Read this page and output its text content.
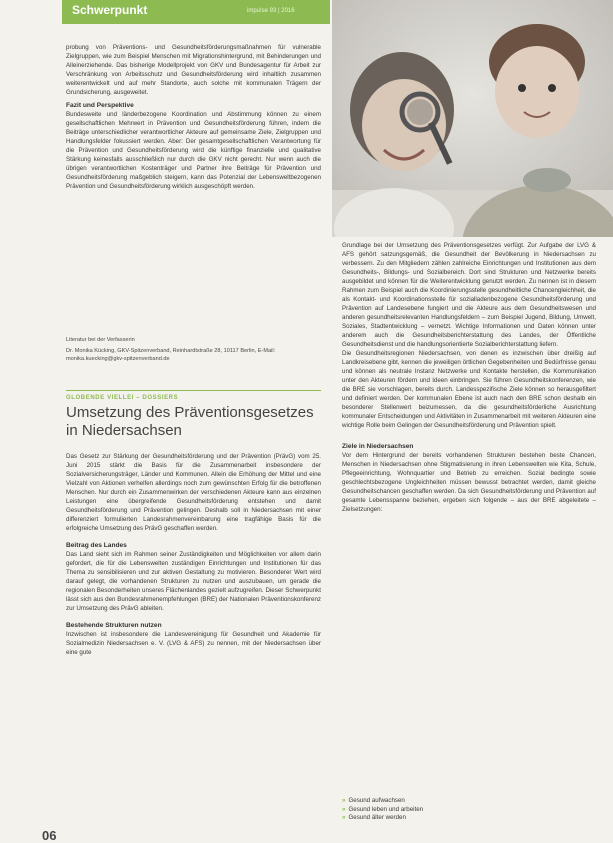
Schwerpunkt	impu!se 93 | 2016

probung von Präventions- und Gesundheitsförderungsmaßnahmen für vulnerable Zielgruppen, wie zum Beispiel Menschen mit Migrationshintergrund, mit Behinderungen und Alleinerziehende. Das bisherige Modellprojekt von GKV und Bundesagentur für Arbeit zur Verschränkung von Arbeitsschutz und Gesundheitsförderung wird inhaltlich zusammen weiterentwickelt und auf mehr Standorte, auch solche mit kommunalen Trägern der Grundsicherung, ausgeweitet.

Fazit und Perspektive

Bundesweite und länderbezogene Koordination und Abstimmung können zu einem gesellschaftlichen Mehrwert in Prävention und Gesundheitsförderung führen, indem die Beiträge unterschiedlicher verantwortlicher Akteure auf gemeinsame Ziele, Zielgruppen und Handlungsfelder fokussiert werden. Aber: Der gesamtgesellschaftlichen Verantwortung für die Prävention und Gesundheitsförderung wird die künftige finanzielle und qualitative Stärkung keinesfalls ausschließlich nur durch die GKV nicht gerecht. Nur wenn auch die übrigen verantwortlichen Kostenträger und Partner ihre Beiträge für Prävention und Gesundheitsförderung maßgeblich steigern, kann das Potenzial der Lebensweltbezogenen Prävention und Gesundheitsförderung wirklich ausgeschöpft werden.

Literatur bei der Verfasserin
Dr. Monika Kücking, GKV-Spitzenverband, Reinhardtstraße 28, 10117 Berlin, E-Mail: monika.kuecking@gkv-spitzenverband.de
GLOBENDE VIELLEI – DOSSIERS
Umsetzung des Präventionsgesetzes in Niedersachsen

Das Gesetz zur Stärkung der Gesundheitsförderung und der Prävention (PrävG) vom 25. Juni 2015 stärkt die Basis für die Zusammenarbeit insbesondere der Sozialversicherungsträger, Länder und Kommunen. Allein die Erhöhung der Mittel und eine Vielzahl von Aktionen verhelfen allerdings noch zum gewünschten Erfolg für die betroffenen Menschen. Nur durch ein Zusammenwirken der verschiedenen Akteure kann aus einzelnen Leistungen eine übergreifende Gesundheitsförderung entstehen und damit Gesundheitsförderung und Prävention gelingen. Deshalb soll in Niedersachsen mit einer differenziert formulierten Landesrahmenvereinbarung eine tragfähige Basis für die erfolgreiche Umsetzung des PrävG geschaffen werden.

Beitrag des Landes

Das Land sieht sich im Rahmen seiner Zuständigkeiten und Möglichkeiten vor allem darin gefordert, die für die Lebenswelten zuständigen Einrichtungen und Institutionen für das Thema zu sensibilisieren und zur aktiven Gestaltung zu motivieren. Besonderer Wert wird darauf gelegt, die vorhandenen Strukturen zu nutzen und auszubauen, um gerade die regionalen Besonderheiten unseres Flächenlandes gezielt aufzugreifen. Dieser Schwerpunkt lässt sich aus den Bundesrahmenempfehlungen (BRE) der Nationalen Präventionskonferenz zur Umsetzung des PrävG ableiten.

Bestehende Strukturen nutzen

Inzwischen ist insbesondere die Landesvereinigung für Gesundheit und Akademie für Sozialmedizin Niedersachsen e. V. (LVG & AFS) zu nennen, mit der Niedersachsen über eine gute

Grundlage bei der Umsetzung des Präventionsgesetzes verfügt. Zur Aufgabe der LVG & AFS gehört satzungsgemäß, die Gesundheit der Bevölkerung in Niedersachsen zu verbessern. Zu den Mitgliedern zählen zahlreiche Einrichtungen und Institutionen aus dem Gesundheits-, Bildungs- und Sozialbereich. Dort sind Strukturen und Netzwerke bereits ausgebildet und können für die Weiterentwicklung genutzt werden. Zu nennen ist in diesem Rahmen zum Beispiel auch die Koordinierungsstelle gesundheitliche Chancengleichheit, die als Kontakt- und Koordinationsstelle für sozialladenbezogene Gesundheitsförderung und Prävention auf Landesebene fungiert und die Akteure aus dem Gesundheitswesen und anderen gesundheitsrelevanten Handlungsfeldern – zum Beispiel Jugend, Bildung, Umwelt, Soziales, Stadtentwicklung – vernetzt. Wichtige Informationen und Daten können unter anderem auch die Gesundheitsberichterstattung des Landes, der Öffentliche Gesundheitsdienst und die handlungsorientierte Sozialberichterstattung liefern.

Die Gesundheitsregionen Niedersachsen, von denen es inzwischen über dreißig auf Landkreisebene gibt, kennen die jeweiligen örtlichen Gegebenheiten und Bedürfnisse genau und können als neutrale Instanz Netzwerke und Kontakte herstellen, die Kommunikation unter den Akteuren fördern und Ideen einbringen. Sie führen Gesundheitskonferenzen, wie die BRE sie vorschlagen, bereits durch. Landesspezifische Ziele können so herausgefiltert und definiert werden. Der kommunalen Ebene ist auch nach den BRE schon deshalb ein besonderer Stellenwert beizumessen, da die gesundheitsförderliche Ausrichtung kommunaler Entscheidungen und Aktivitäten in Zusammenarbeit mit weiteren Akteuren eine wichtige Rolle beim Gelingen der Gesundheitsförderung und Prävention spielt.

Ziele in Niedersachsen

Vor dem Hintergrund der bereits vorhandenen Strukturen bestehen beste Chancen, Menschen in Niedersachsen ohne Stigmatisierung in ihren Lebenswelten wie Kita, Schule, Pflegeeinrichtung, Wohnquartier und Betrieb zu erreichen. Sozial bedingte sowie geschlechtsbezogene Ungleichheiten müssen bewusst betrachtet werden, damit gleiche Gesundheitschancen geschaffen werden. Da sich Gesundheitsförderung und Prävention auf gesamte Lebensspanne beziehen, ergeben sich folgende – aus der BRE abgeleitete – Zielsetzungen:

» Gesund aufwachsen
» Gesund leben und arbeiten
» Gesund älter werden
06
